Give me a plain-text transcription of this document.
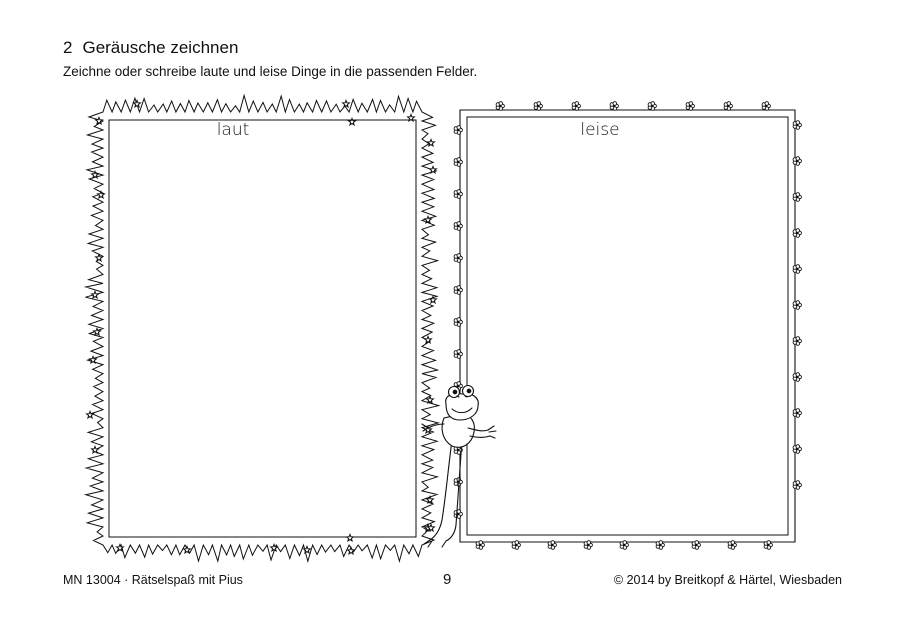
2 Geräusche zeichnen
Zeichne oder schreibe laute und leise Dinge in die passenden Felder.
laut	leise
MN 13004 · Rätselspaß mit Pius	9	© 2014 by Breitkopf & Härtel, Wiesbaden
